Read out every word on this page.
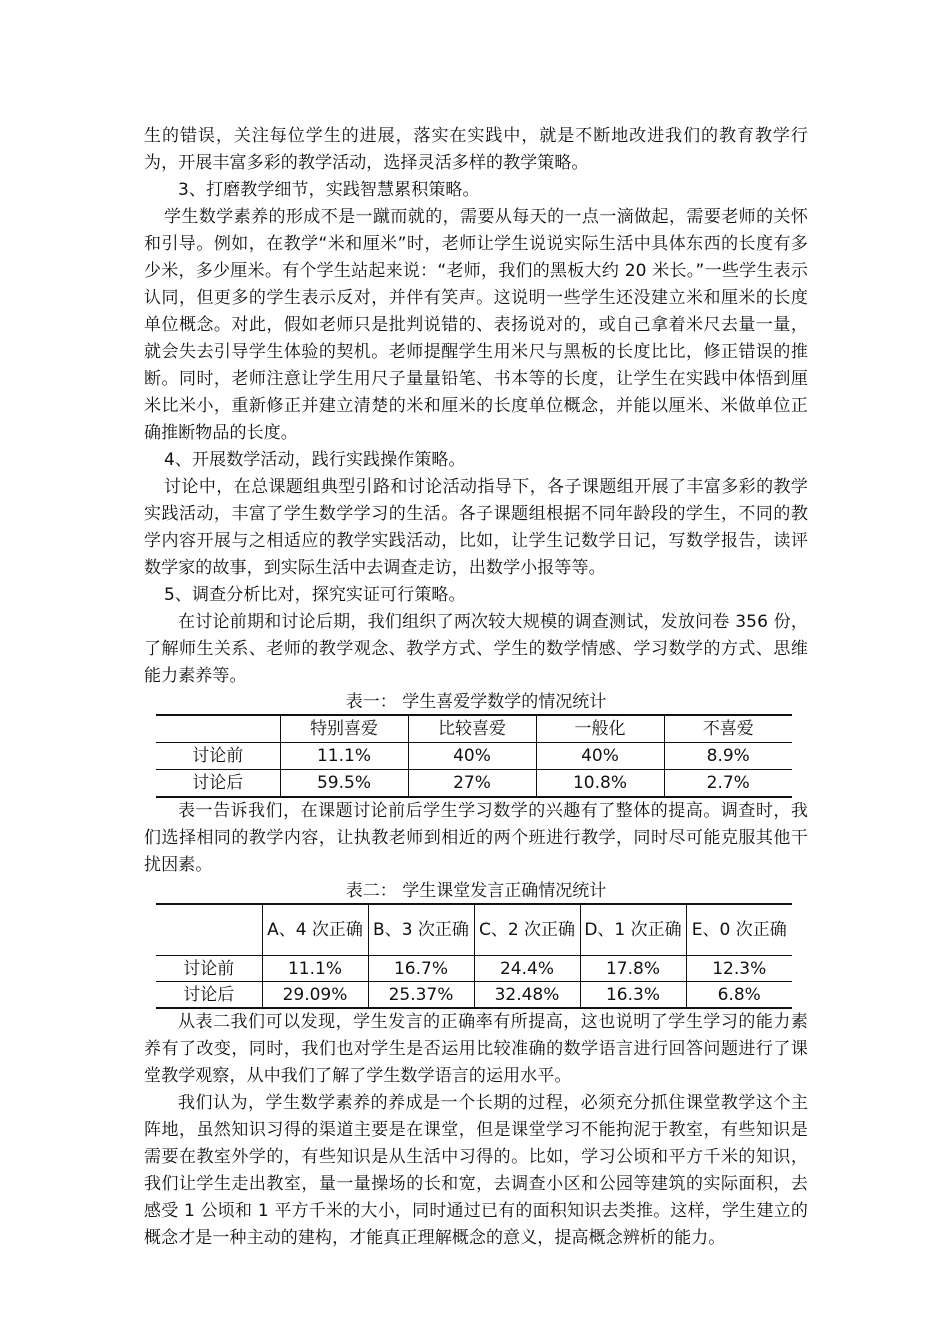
生的错误，关注每位学生的进展，落实在实践中，就是不断地改进我们的教育教学行为，开展丰富多彩的教学活动，选择灵活多样的教学策略。

3、打磨教学细节，实践智慧累积策略。

学生数学素养的形成不是一蹴而就的，需要从每天的一点一滴做起，需要老师的关怀和引导。例如，在教学“米和厘米”时，老师让学生说说实际生活中具体东西的长度有多少米，多少厘米。有个学生站起来说：“老师，我们的黑板大约 20 米长。”一些学生表示认同，但更多的学生表示反对，并伴有笑声。这说明一些学生还没建立米和厘米的长度单位概念。对此，假如老师只是批判说错的、表扬说对的，或自己拿着米尺去量一量，就会失去引导学生体验的契机。老师提醒学生用米尺与黑板的长度比比，修正错误的推断。同时，老师注意让学生用尺子量量铅笔、书本等的长度，让学生在实践中体悟到厘米比米小，重新修正并建立清楚的米和厘米的长度单位概念，并能以厘米、米做单位正确推断物品的长度。

4、开展数学活动，践行实践操作策略。

讨论中，在总课题组典型引路和讨论活动指导下，各子课题组开展了丰富多彩的教学实践活动，丰富了学生数学学习的生活。各子课题组根据不同年龄段的学生，不同的教学内容开展与之相适应的教学实践活动，比如，让学生记数学日记，写数学报告，读评数学家的故事，到实际生活中去调查走访，出数学小报等等。

5、调查分析比对，探究实证可行策略。

在讨论前期和讨论后期，我们组织了两次较大规模的调查测试，发放问卷 356 份，了解师生关系、老师的教学观念、教学方式、学生的数学情感、学习数学的方式、思维能力素养等。

表一： 学生喜爱学数学的情况统计

	特别喜爱	比较喜爱	一般化	不喜爱
讨论前	11.1%	40%	40%	8.9%
讨论后	59.5%	27%	10.8%	2.7%

表一告诉我们，在课题讨论前后学生学习数学的兴趣有了整体的提高。调查时，我们选择相同的教学内容，让执教老师到相近的两个班进行教学，同时尽可能克服其他干扰因素。

表二： 学生课堂发言正确情况统计

	A、4 次正确	B、3 次正确	C、2 次正确	D、1 次正确	E、0 次正确
讨论前	11.1%	16.7%	24.4%	17.8%	12.3%
讨论后	29.09%	25.37%	32.48%	16.3%	6.8%

从表二我们可以发现，学生发言的正确率有所提高，这也说明了学生学习的能力素养有了改变，同时，我们也对学生是否运用比较准确的数学语言进行回答问题进行了课堂教学观察，从中我们了解了学生数学语言的运用水平。

我们认为，学生数学素养的养成是一个长期的过程，必须充分抓住课堂教学这个主阵地，虽然知识习得的渠道主要是在课堂，但是课堂学习不能拘泥于教室，有些知识是需要在教室外学的，有些知识是从生活中习得的。比如，学习公顷和平方千米的知识，我们让学生走出教室，量一量操场的长和宽，去调查小区和公园等建筑的实际面积，去感受 1 公顷和 1 平方千米的大小，同时通过已有的面积知识去类推。这样，学生建立的概念才是一种主动的建构，才能真正理解概念的意义，提高概念辨析的能力。
